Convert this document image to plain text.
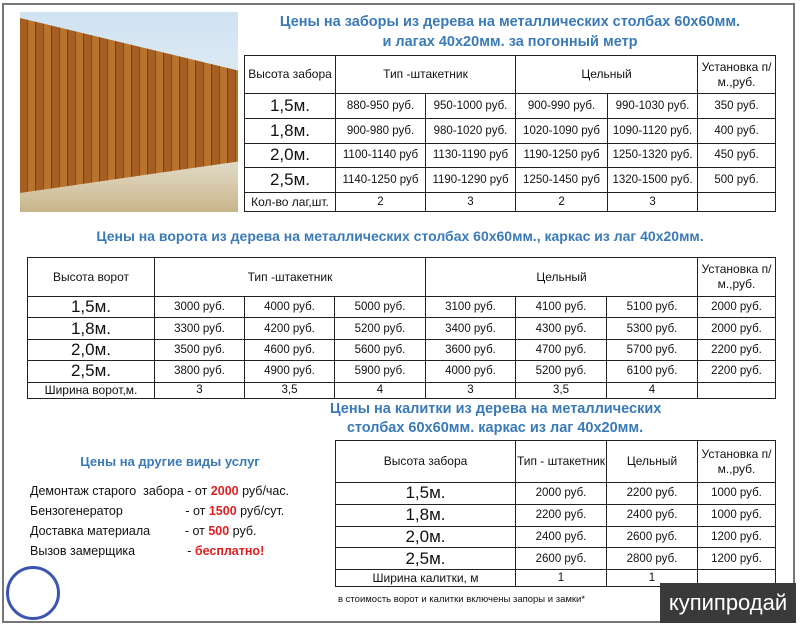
Цены на заборы из дерева на металлических столбах 60х60мм.
и лагах 40х20мм. за погонный метр
Высота забора	Тип -штакетник		Цельный		Установка п/м.,руб.
1,5м.	880-950 руб.	950-1000 руб.	900-990 руб.	990-1030 руб.	350 руб.
1,8м.	900-980 руб.	980-1020 руб.	1020-1090 руб	1090-1120 руб.	400 руб.
2,0м.	1100-1140 руб	1130-1190 руб	1190-1250 руб	1250-1320 руб.	450 руб.
2,5м.	1140-1250 руб	1190-1290 руб	1250-1450 руб	1320-1500 руб.	500 руб.
Кол-во лаг,шт.	2	3	2	3	
Цены на ворота из дерева на металлических столбах 60х60мм., каркас из лаг 40х20мм.
Высота ворот	Тип -штакетник			Цельный			Установка п/м.,руб.
1,5м.	3000 руб.	4000 руб.	5000 руб.	3100 руб.	4100 руб.	5100 руб.	2000 руб.
1,8м.	3300 руб.	4200 руб.	5200 руб.	3400 руб.	4300 руб.	5300 руб.	2000 руб.
2,0м.	3500 руб.	4600 руб.	5600 руб.	3600 руб.	4700 руб.	5700 руб.	2200 руб.
2,5м.	3800 руб.	4900 руб.	5900 руб.	4000 руб.	5200 руб.	6100 руб.	2200 руб.
Ширина ворот,м.	3	3,5	4	3	3,5	4	
Цены на калитки из дерева на металлических
столбах 60х60мм. каркас из лаг 40х20мм.
Высота забора	Тип - штакетник	Цельный	Установка п/м.,руб.
1,5м.	2000 руб.	2200 руб.	1000 руб.
1,8м.	2200 руб.	2400 руб.	1000 руб.
2,0м.	2400 руб.	2600 руб.	1200 руб.
2,5м.	2600 руб.	2800 руб.	1200 руб.
Ширина калитки, м	1	1	
Цены на другие виды услуг
Демонтаж старого  забора - от 2000 руб/час.
Бензогенератор                  - от 1500 руб/сут.
Доставка материала          - от 500 руб.
Вызов замерщика               - бесплатно!
в стоимость ворот и калитки включены запоры и замки*	купипродай
